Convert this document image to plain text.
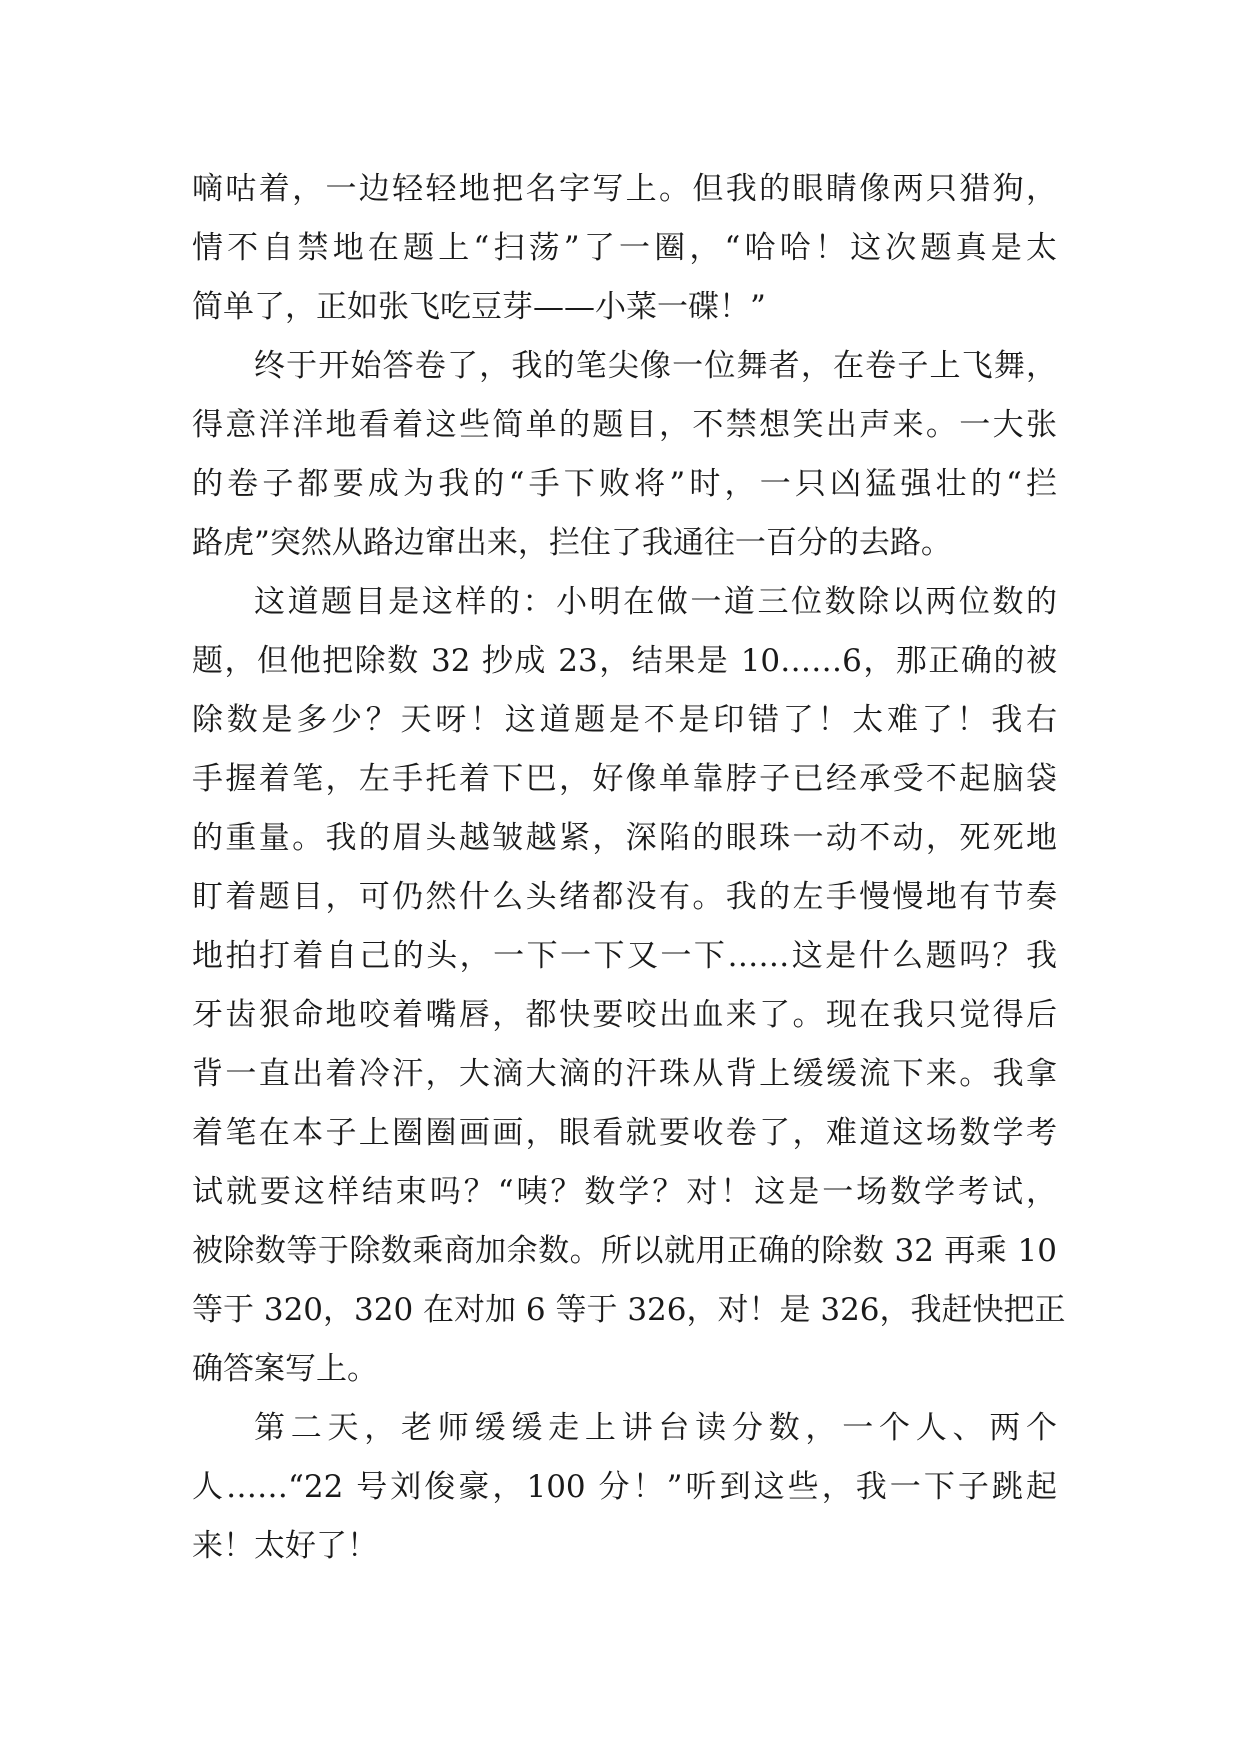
嘀咕着，一边轻轻地把名字写上。但我的眼睛像两只猎狗，
情不自禁地在题上“扫荡”了一圈，“哈哈！这次题真是太
简单了，正如张飞吃豆芽——小菜一碟！”
终于开始答卷了，我的笔尖像一位舞者，在卷子上飞舞，
得意洋洋地看着这些简单的题目，不禁想笑出声来。一大张
的卷子都要成为我的“手下败将”时，一只凶猛强壮的“拦
路虎”突然从路边窜出来，拦住了我通往一百分的去路。
这道题目是这样的：小明在做一道三位数除以两位数的
题，但他把除数 32 抄成 23，结果是 10……6，那正确的被
除数是多少？天呀！这道题是不是印错了！太难了！我右
手握着笔，左手托着下巴，好像单靠脖子已经承受不起脑袋
的重量。我的眉头越皱越紧，深陷的眼珠一动不动，死死地
盯着题目，可仍然什么头绪都没有。我的左手慢慢地有节奏
地拍打着自己的头，一下一下又一下……这是什么题吗？我
牙齿狠命地咬着嘴唇，都快要咬出血来了。现在我只觉得后
背一直出着冷汗，大滴大滴的汗珠从背上缓缓流下来。我拿
着笔在本子上圈圈画画，眼看就要收卷了，难道这场数学考
试就要这样结束吗？“咦？数学？对！这是一场数学考试，
被除数等于除数乘商加余数。所以就用正确的除数 32 再乘 10
等于 320，320 在对加 6 等于 326，对！是 326，我赶快把正
确答案写上。
第二天，老师缓缓走上讲台读分数，一个人、两个
人……“22 号刘俊豪，100 分！”听到这些，我一下子跳起
来！太好了！
